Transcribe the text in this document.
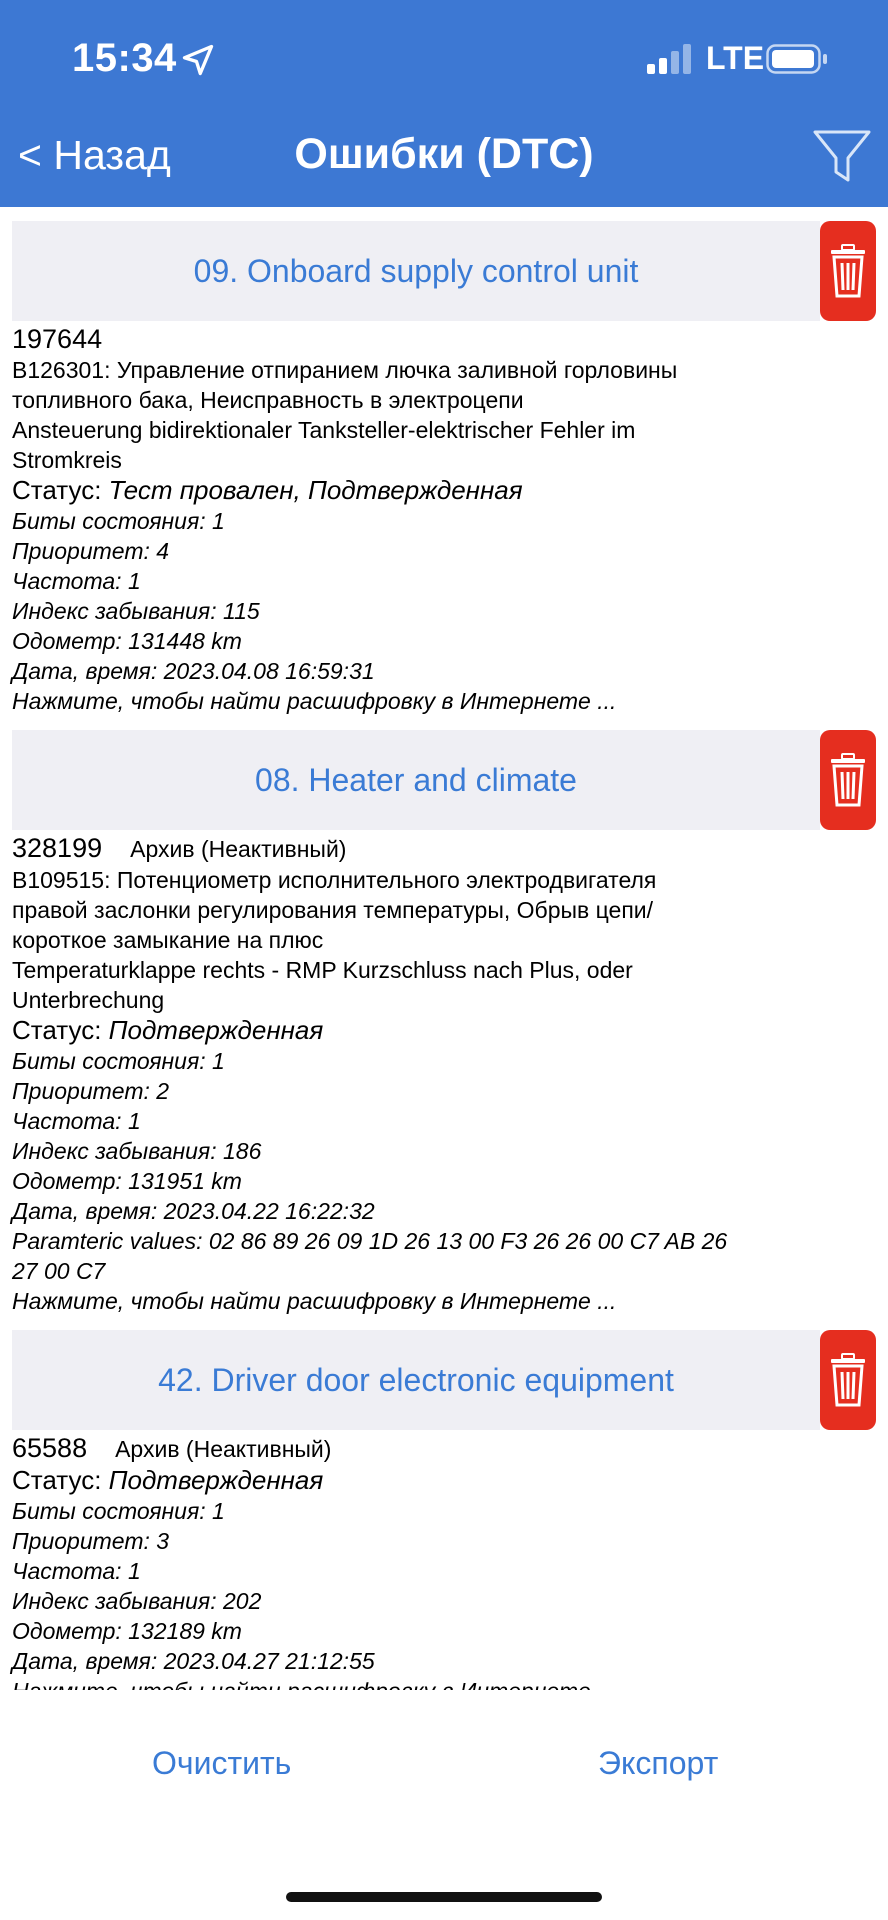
15:34	LTE
< Назад	Ошибки (DTC)
09. Onboard supply control unit
197644
B126301: Управление отпиранием лючка заливной горловины
топливного бака, Неисправность в электроцепи
Ansteuerung bidirektionaler Tanksteller-elektrischer Fehler im
Stromkreis
Статус: Тест провален, Подтвержденная
Биты состояния: 1
Приоритет: 4
Частота: 1
Индекс забывания: 115
Одометр: 131448 km
Дата, время: 2023.04.08 16:59:31
Нажмите, чтобы найти расшифровку в Интернете ...
08. Heater and climate
328199 Архив (Неактивный)
B109515: Потенциометр исполнительного электродвигателя
правой заслонки регулирования температуры, Обрыв цепи/
короткое замыкание на плюс
Temperaturklappe rechts - RMP Kurzschluss nach Plus, oder
Unterbrechung
Статус: Подтвержденная
Биты состояния: 1
Приоритет: 2
Частота: 1
Индекс забывания: 186
Одометр: 131951 km
Дата, время: 2023.04.22 16:22:32
Paramteric values: 02 86 89 26 09 1D 26 13 00 F3 26 26 00 C7 AB 26
27 00 C7
Нажмите, чтобы найти расшифровку в Интернете ...
42. Driver door electronic equipment
65588 Архив (Неактивный)
Статус: Подтвержденная
Биты состояния: 1
Приоритет: 3
Частота: 1
Индекс забывания: 202
Одометр: 132189 km
Дата, время: 2023.04.27 21:12:55
Очистить	Экспорт
